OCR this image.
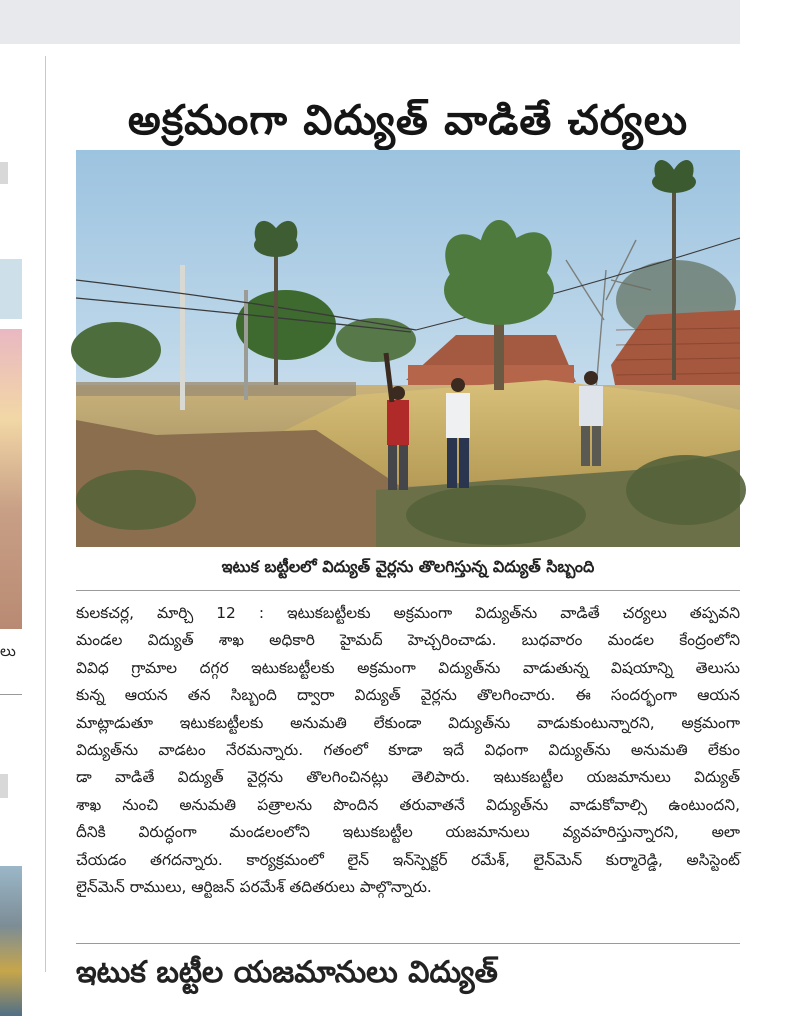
లు
అక్రమంగా విద్యుత్ వాడితే చర్యలు
ఇటుక బట్టీలలో విద్యుత్ వైర్లను తొలగిస్తున్న విద్యుత్ సిబ్బంది
కులకచర్ల, మార్చి 12 : ఇటుకబట్టీలకు అక్రమంగా విద్యుత్‌ను వాడితే చర్యలు తప్పవని
మండల విద్యుత్ శాఖ అధికారి హైమద్ హెచ్చరించాడు. బుధవారం మండల కేంద్రంలోని
వివిధ గ్రామాల దగ్గర ఇటుకబట్టీలకు అక్రమంగా విద్యుత్‌ను వాడుతున్న విషయాన్ని తెలుసు
కున్న ఆయన తన సిబ్బంది ద్వారా విద్యుత్ వైర్లను తొలగించారు. ఈ సందర్భంగా ఆయన
మాట్లాడుతూ ఇటుకబట్టీలకు అనుమతి లేకుండా విద్యుత్‌ను వాడుకుంటున్నారని, అక్రమంగా
విద్యుత్‌ను వాడటం నేరమన్నారు. గతంలో కూడా ఇదే విధంగా విద్యుత్‌ను అనుమతి లేకుం
డా వాడితే విద్యుత్ వైర్లను తొలగించినట్లు తెలిపారు. ఇటుకబట్టీల యజమానులు విద్యుత్
శాఖ నుంచి అనుమతి పత్రాలను పొందిన తరువాతనే విద్యుత్‌ను వాడుకోవాల్సి ఉంటుందని,
దీనికి విరుద్ధంగా మండలంలోని ఇటుకబట్టీల యజమానులు వ్యవహరిస్తున్నారని, అలా
చేయడం తగదన్నారు. కార్యక్రమంలో లైన్ ఇన్‌స్పెక్టర్ రమేశ్, లైన్‌మెన్ కుర్మారెడ్డి, అసిస్టెంట్
లైన్‌మెన్ రాములు, ఆర్టిజన్ పరమేశ్ తదితరులు పాల్గొన్నారు.
ఇటుక బట్టీల యజమానులు విద్యుత్
